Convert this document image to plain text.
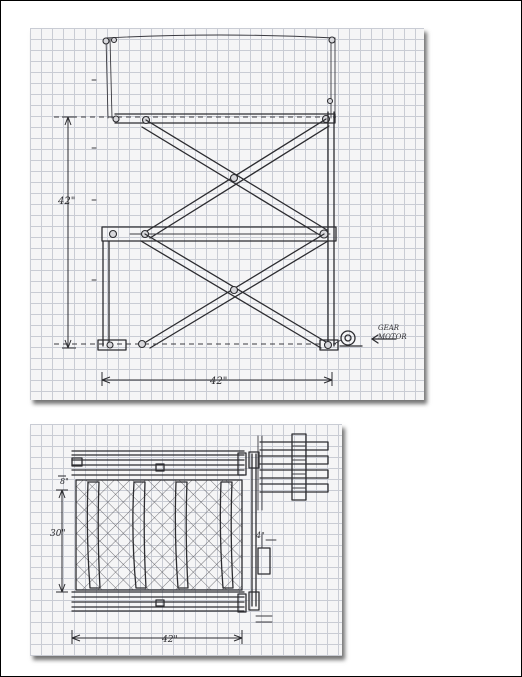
GEAR
MOTOR
42"
42"
8"
30"
42"
4"
